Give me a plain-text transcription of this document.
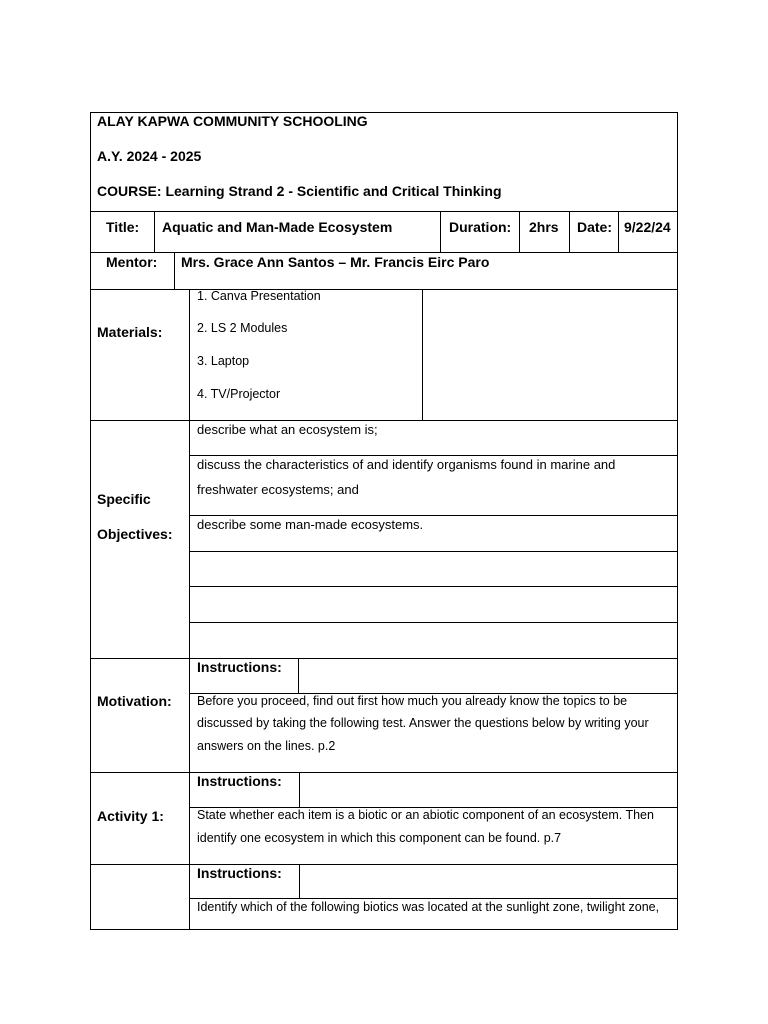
ALAY KAPWA COMMUNITY SCHOOLING
A.Y. 2024 - 2025
COURSE: Learning Strand 2 - Scientific and Critical Thinking
Title: Aquatic and Man-Made Ecosystem	Duration: 2hrs Date: 9/22/24
Mentor: Mrs. Grace Ann Santos – Mr. Francis Eirc Paro
Materials:
1. Canva Presentation
2. LS 2 Modules
3. Laptop
4. TV/Projector
Specific
Objectives:
describe what an ecosystem is;
discuss the characteristics of and identify organisms found in marine and
freshwater ecosystems; and
describe some man-made ecosystems.
Motivation:
Instructions:
Before you proceed, find out first how much you already know the topics to be
discussed by taking the following test. Answer the questions below by writing your
answers on the lines. p.2
Activity 1:
Instructions:
State whether each item is a biotic or an abiotic component of an ecosystem. Then
identify one ecosystem in which this component can be found. p.7
Instructions:
Identify which of the following biotics was located at the sunlight zone, twilight zone,
